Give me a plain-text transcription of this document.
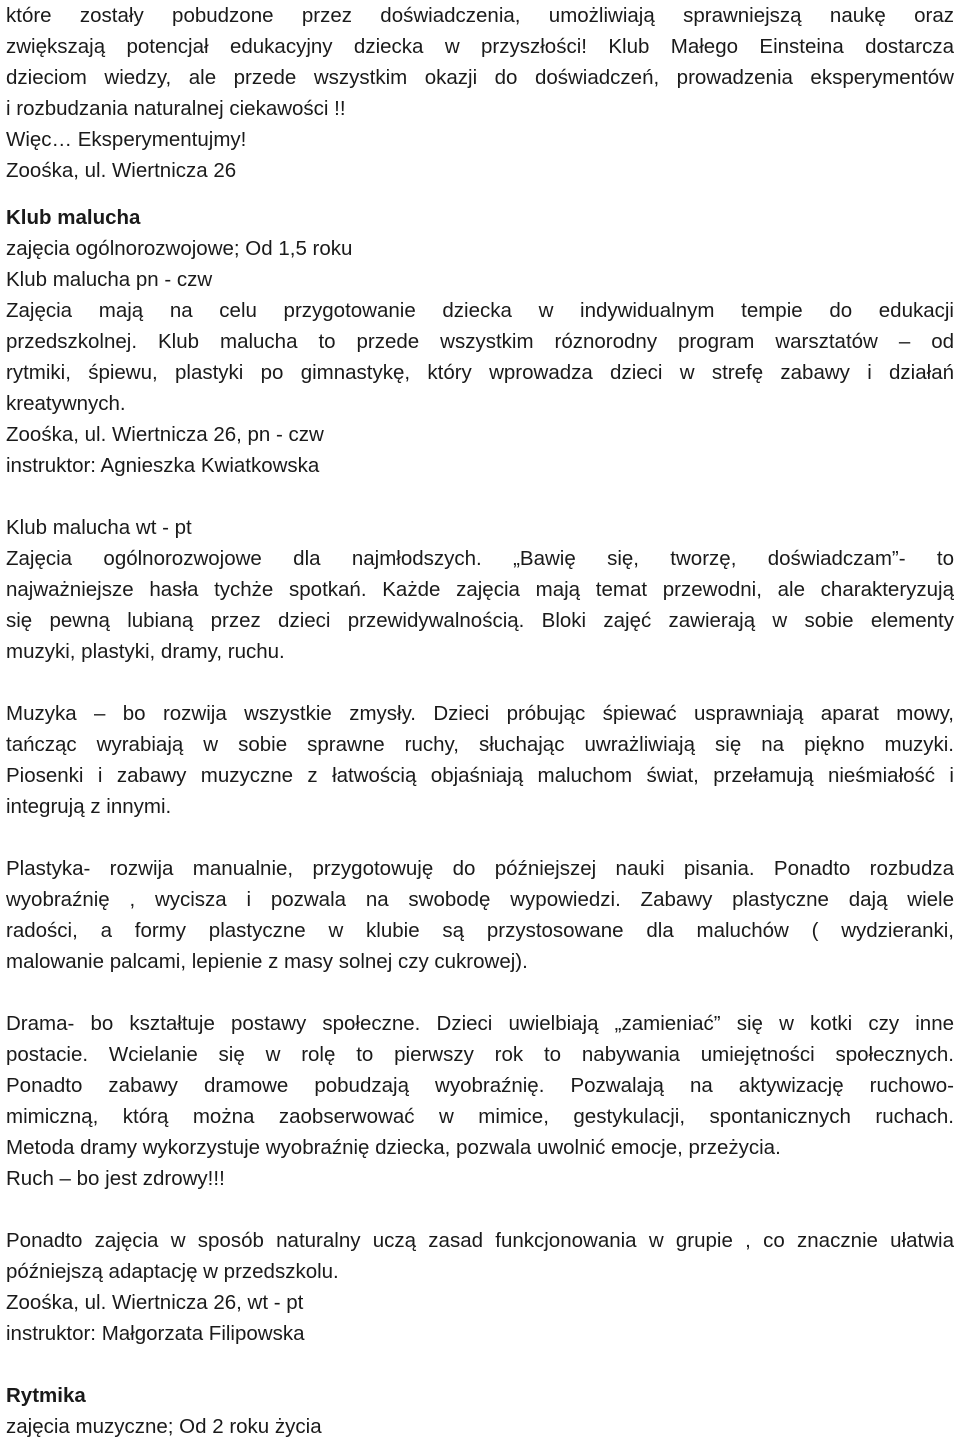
które zostały pobudzone przez doświadczenia, umożliwiają sprawniejszą naukę oraz
zwiększają potencjał edukacyjny dziecka w przyszłości! Klub Małego Einsteina dostarcza
dzieciom wiedzy, ale przede wszystkim okazji do doświadczeń, prowadzenia eksperymentów
i rozbudzania naturalnej ciekawości !!
Więc… Eksperymentujmy!
Zoośka, ul. Wiertnicza 26
Klub malucha
zajęcia ogólnorozwojowe; Od 1,5 roku
Klub malucha pn - czw
Zajęcia mają na celu przygotowanie dziecka w indywidualnym tempie do edukacji
przedszkolnej. Klub malucha to przede wszystkim róznorodny program warsztatów – od
rytmiki, śpiewu, plastyki po gimnastykę, który wprowadza dzieci w strefę zabawy i działań
kreatywnych.
Zoośka, ul. Wiertnicza 26, pn - czw
instruktor: Agnieszka Kwiatkowska
Klub malucha wt - pt
Zajęcia ogólnorozwojowe dla najmłodszych. „Bawię się, tworzę, doświadczam”- to
najważniejsze hasła tychże spotkań. Każde zajęcia mają temat przewodni, ale charakteryzują
się pewną lubianą przez dzieci przewidywalnością. Bloki zajęć zawierają w sobie elementy
muzyki, plastyki, dramy, ruchu.
Muzyka – bo rozwija wszystkie zmysły. Dzieci próbując śpiewać usprawniają aparat mowy,
tańcząc wyrabiają w sobie sprawne ruchy, słuchając uwrażliwiają się na piękno muzyki.
Piosenki i zabawy muzyczne z łatwością objaśniają maluchom świat, przełamują nieśmiałość i
integrują z innymi.
Plastyka- rozwija manualnie, przygotowuję do późniejszej nauki pisania. Ponadto rozbudza
wyobraźnię , wycisza i pozwala na swobodę wypowiedzi. Zabawy plastyczne dają wiele
radości, a formy plastyczne w klubie są przystosowane dla maluchów ( wydzieranki,
malowanie palcami, lepienie z masy solnej czy cukrowej).
Drama- bo kształtuje postawy społeczne. Dzieci uwielbiają „zamieniać” się w kotki czy inne
postacie. Wcielanie się w rolę to pierwszy rok to nabywania umiejętności społecznych.
Ponadto zabawy dramowe pobudzają wyobraźnię. Pozwalają na aktywizację ruchowo-
mimiczną, którą można zaobserwować w mimice, gestykulacji, spontanicznych ruchach.
Metoda dramy wykorzystuje wyobraźnię dziecka, pozwala uwolnić emocje, przeżycia.
Ruch – bo jest zdrowy!!!
Ponadto zajęcia w sposób naturalny uczą zasad funkcjonowania w grupie , co znacznie ułatwia
późniejszą adaptację w przedszkolu.
Zoośka, ul. Wiertnicza 26, wt - pt
instruktor: Małgorzata Filipowska
Rytmika
zajęcia muzyczne; Od 2 roku życia
